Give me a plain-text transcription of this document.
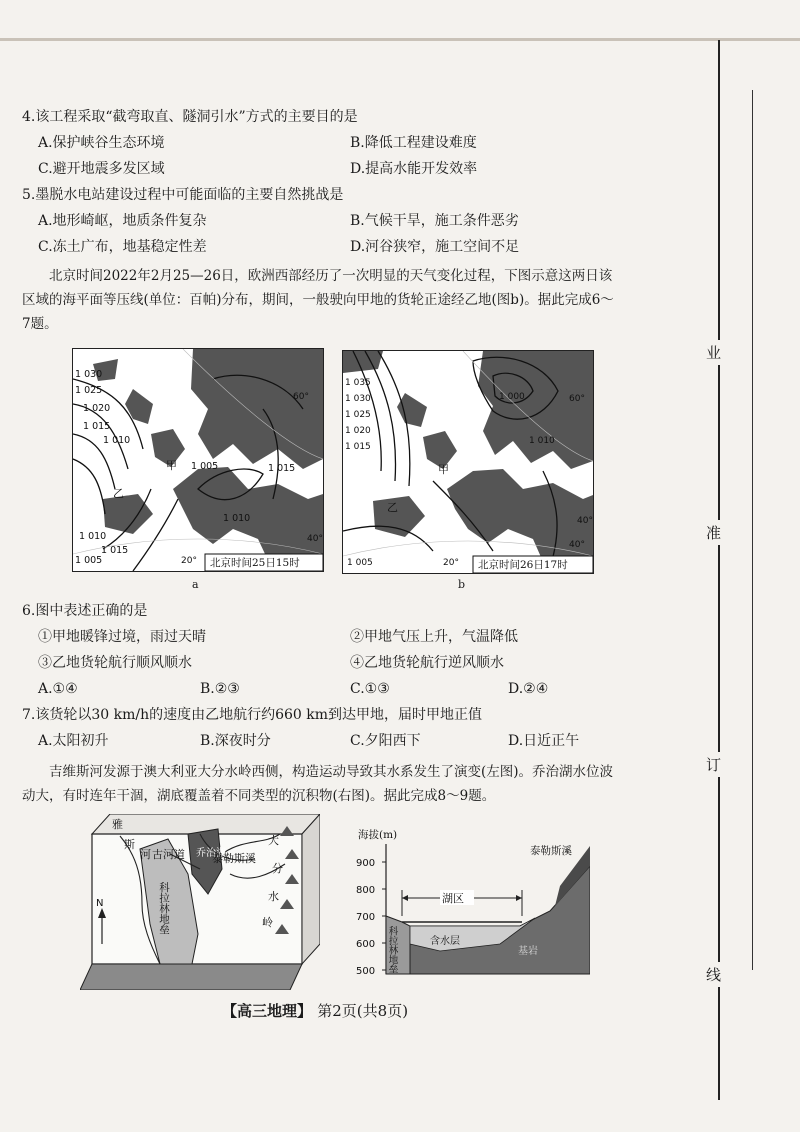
业
准
订
线
4.该工程采取“截弯取直、隧洞引水”方式的主要目的是
A.保护峡谷生态环境	B.降低工程建设难度
C.避开地震多发区域	D.提高水能开发效率
5.墨脱水电站建设过程中可能面临的主要自然挑战是
A.地形崎岖，地质条件复杂	B.气候干旱，施工条件恶劣
C.冻土广布，地基稳定性差	D.河谷狭窄，施工空间不足
北京时间2022年2月25—26日，欧洲西部经历了一次明显的天气变化过程，下图示意这两日该区域的海平面等压线(单位：百帕)分布，期间，一般驶向甲地的货轮正途经乙地(图b)。据此完成6～7题。
甲
乙
1 030
1 025
1 020
1 015
1 010
1 005
1 010
1 015
1 010
1 015
1 005
60°
20°
40°
北京时间25日15时
a
甲
乙
1 035
1 030
1 025
1 020
1 015
1 010
1 005
1 000	60°
20°
40°
40°
北京时间26日17时
b
6.图中表述正确的是
①甲地暖锋过境，雨过天晴	②甲地气压上升，气温降低
③乙地货轮航行顺风顺水	④乙地货轮航行逆风顺水
A.①④	B.②③	C.①③	D.②④
7.该货轮以30 km/h的速度由乙地航行约660 km到达甲地，届时甲地正值
A.太阳初升	B.深夜时分	C.夕阳西下	D.日近正午
吉维斯河发源于澳大利亚大分水岭西侧，构造运动导致其水系发生了演变(左图)。乔治湖水位波动大，有时连年干涸，湖底覆盖着不同类型的沉积物(右图)。据此完成8～9题。
N
雅
斯
河 古河道 乔治湖
泰勒斯溪
科拉林地垒
大
分
水
岭
湖区
海拔(m)
900
800
700
600
500
泰勒斯溪
科拉林地垒	含水层
基岩
【高三地理】 第2页(共8页)
